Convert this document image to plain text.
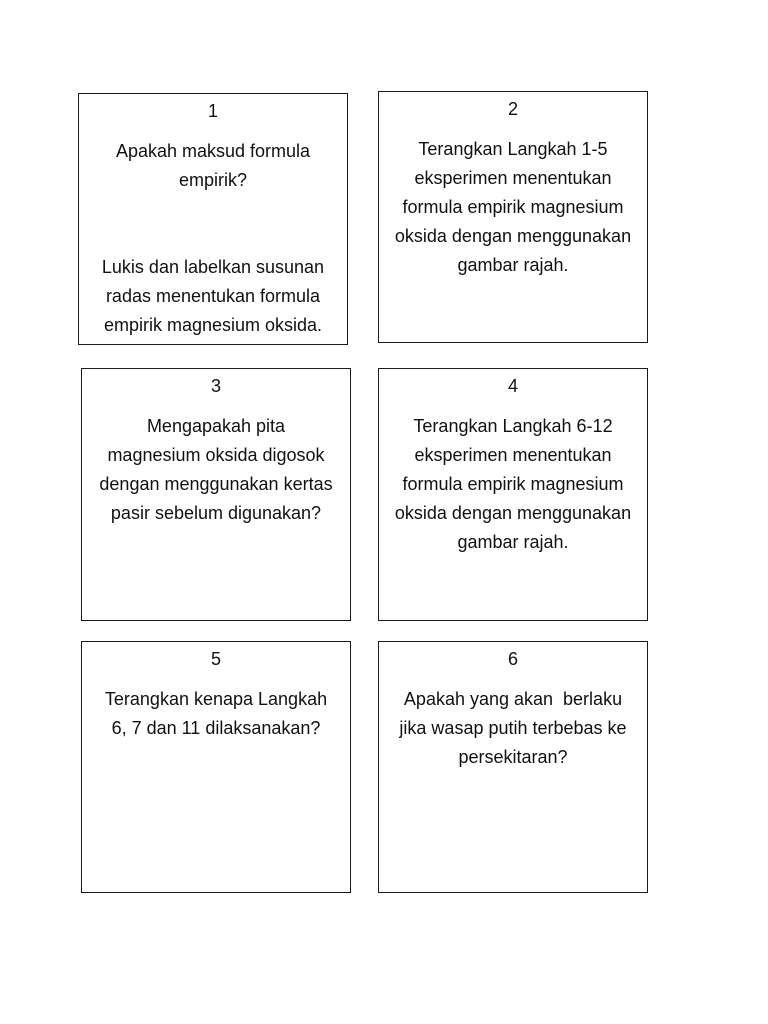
1
Apakah maksud formula
empirik?
Lukis dan labelkan susunan
radas menentukan formula
empirik magnesium oksida.
2
Terangkan Langkah 1-5
eksperimen menentukan
formula empirik magnesium
oksida dengan menggunakan
gambar rajah.
3
Mengapakah pita
magnesium oksida digosok
dengan menggunakan kertas
pasir sebelum digunakan?
4
Terangkan Langkah 6-12
eksperimen menentukan
formula empirik magnesium
oksida dengan menggunakan
gambar rajah.
5
Terangkan kenapa Langkah
6, 7 dan 11 dilaksanakan?
6
Apakah yang akan  berlaku
jika wasap putih terbebas ke
persekitaran?
